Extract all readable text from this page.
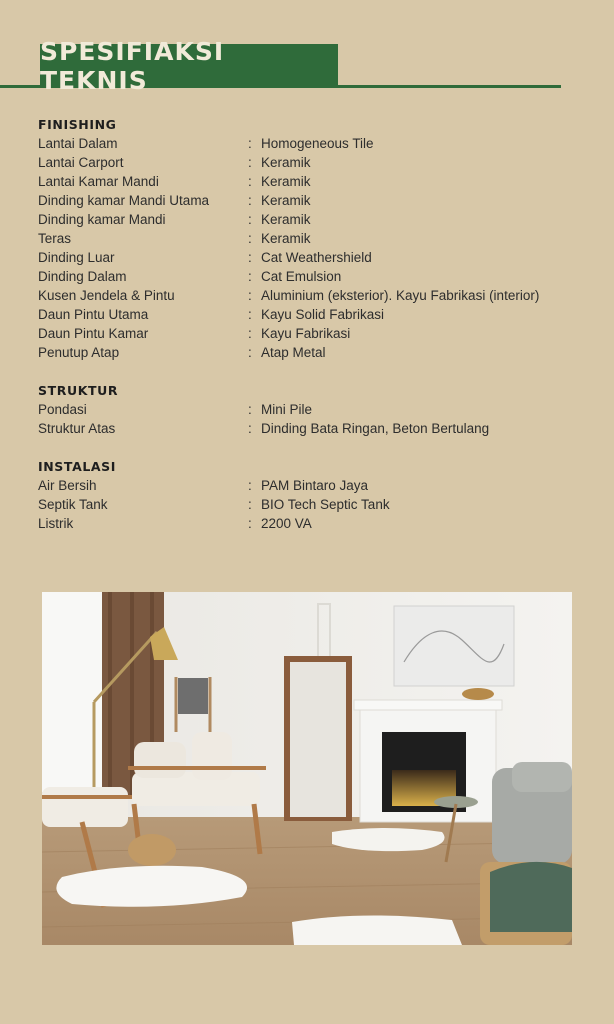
SPESIFIAKSI TEKNIS
FINISHING
Lantai Dalam	: Homogeneous Tile
Lantai Carport	: Keramik
Lantai Kamar Mandi	: Keramik
Dinding kamar Mandi Utama	: Keramik
Dinding kamar Mandi	: Keramik
Teras	: Keramik
Dinding Luar	: Cat Weathershield
Dinding Dalam	: Cat Emulsion
Kusen Jendela & Pintu	: Aluminium (eksterior). Kayu Fabrikasi (interior)
Daun Pintu Utama	: Kayu Solid Fabrikasi
Daun Pintu Kamar	: Kayu Fabrikasi
Penutup Atap	: Atap Metal
STRUKTUR
Pondasi	: Mini Pile
Struktur Atas	: Dinding Bata Ringan, Beton Bertulang
INSTALASI
Air Bersih	: PAM Bintaro Jaya
Septik Tank	: BIO Tech Septic Tank
Listrik	: 2200 VA
